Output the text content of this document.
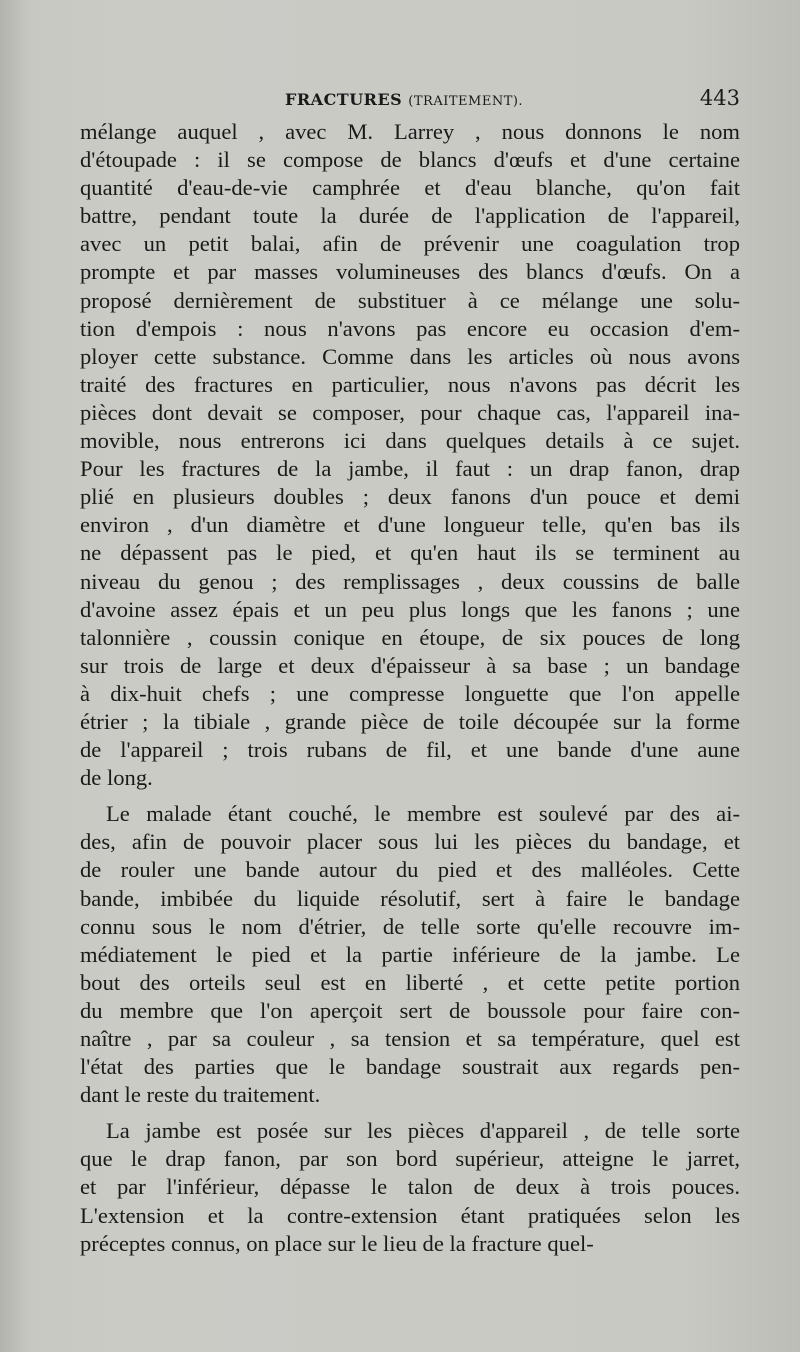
FRACTURES (TRAITEMENT).	443
mélange auquel , avec M. Larrey , nous donnons le nom
d'étoupade : il se compose de blancs d'œufs et d'une certaine
quantité d'eau-de-vie camphrée et d'eau blanche, qu'on fait
battre, pendant toute la durée de l'application de l'appareil,
avec un petit balai, afin de prévenir une coagulation trop
prompte et par masses volumineuses des blancs d'œufs. On a
proposé dernièrement de substituer à ce mélange une solu-
tion d'empois : nous n'avons pas encore eu occasion d'em-
ployer cette substance. Comme dans les articles où nous avons
traité des fractures en particulier, nous n'avons pas décrit les
pièces dont devait se composer, pour chaque cas, l'appareil ina-
movible, nous entrerons ici dans quelques details à ce sujet.
Pour les fractures de la jambe, il faut : un drap fanon, drap
plié en plusieurs doubles ; deux fanons d'un pouce et demi
environ , d'un diamètre et d'une longueur telle, qu'en bas ils
ne dépassent pas le pied, et qu'en haut ils se terminent au
niveau du genou ; des remplissages , deux coussins de balle
d'avoine assez épais et un peu plus longs que les fanons ; une
talonnière , coussin conique en étoupe, de six pouces de long
sur trois de large et deux d'épaisseur à sa base ; un bandage
à dix-huit chefs ; une compresse longuette que l'on appelle
étrier ; la tibiale , grande pièce de toile découpée sur la forme
de l'appareil ; trois rubans de fil, et une bande d'une aune
de long.
Le malade étant couché, le membre est soulevé par des ai-
des, afin de pouvoir placer sous lui les pièces du bandage, et
de rouler une bande autour du pied et des malléoles. Cette
bande, imbibée du liquide résolutif, sert à faire le bandage
connu sous le nom d'étrier, de telle sorte qu'elle recouvre im-
médiatement le pied et la partie inférieure de la jambe. Le
bout des orteils seul est en liberté , et cette petite portion
du membre que l'on aperçoit sert de boussole pour faire con-
naître , par sa couleur , sa tension et sa température, quel est
l'état des parties que le bandage soustrait aux regards pen-
dant le reste du traitement.
La jambe est posée sur les pièces d'appareil , de telle sorte
que le drap fanon, par son bord supérieur, atteigne le jarret,
et par l'inférieur, dépasse le talon de deux à trois pouces.
L'extension et la contre-extension étant pratiquées selon les
préceptes connus, on place sur le lieu de la fracture quel-
